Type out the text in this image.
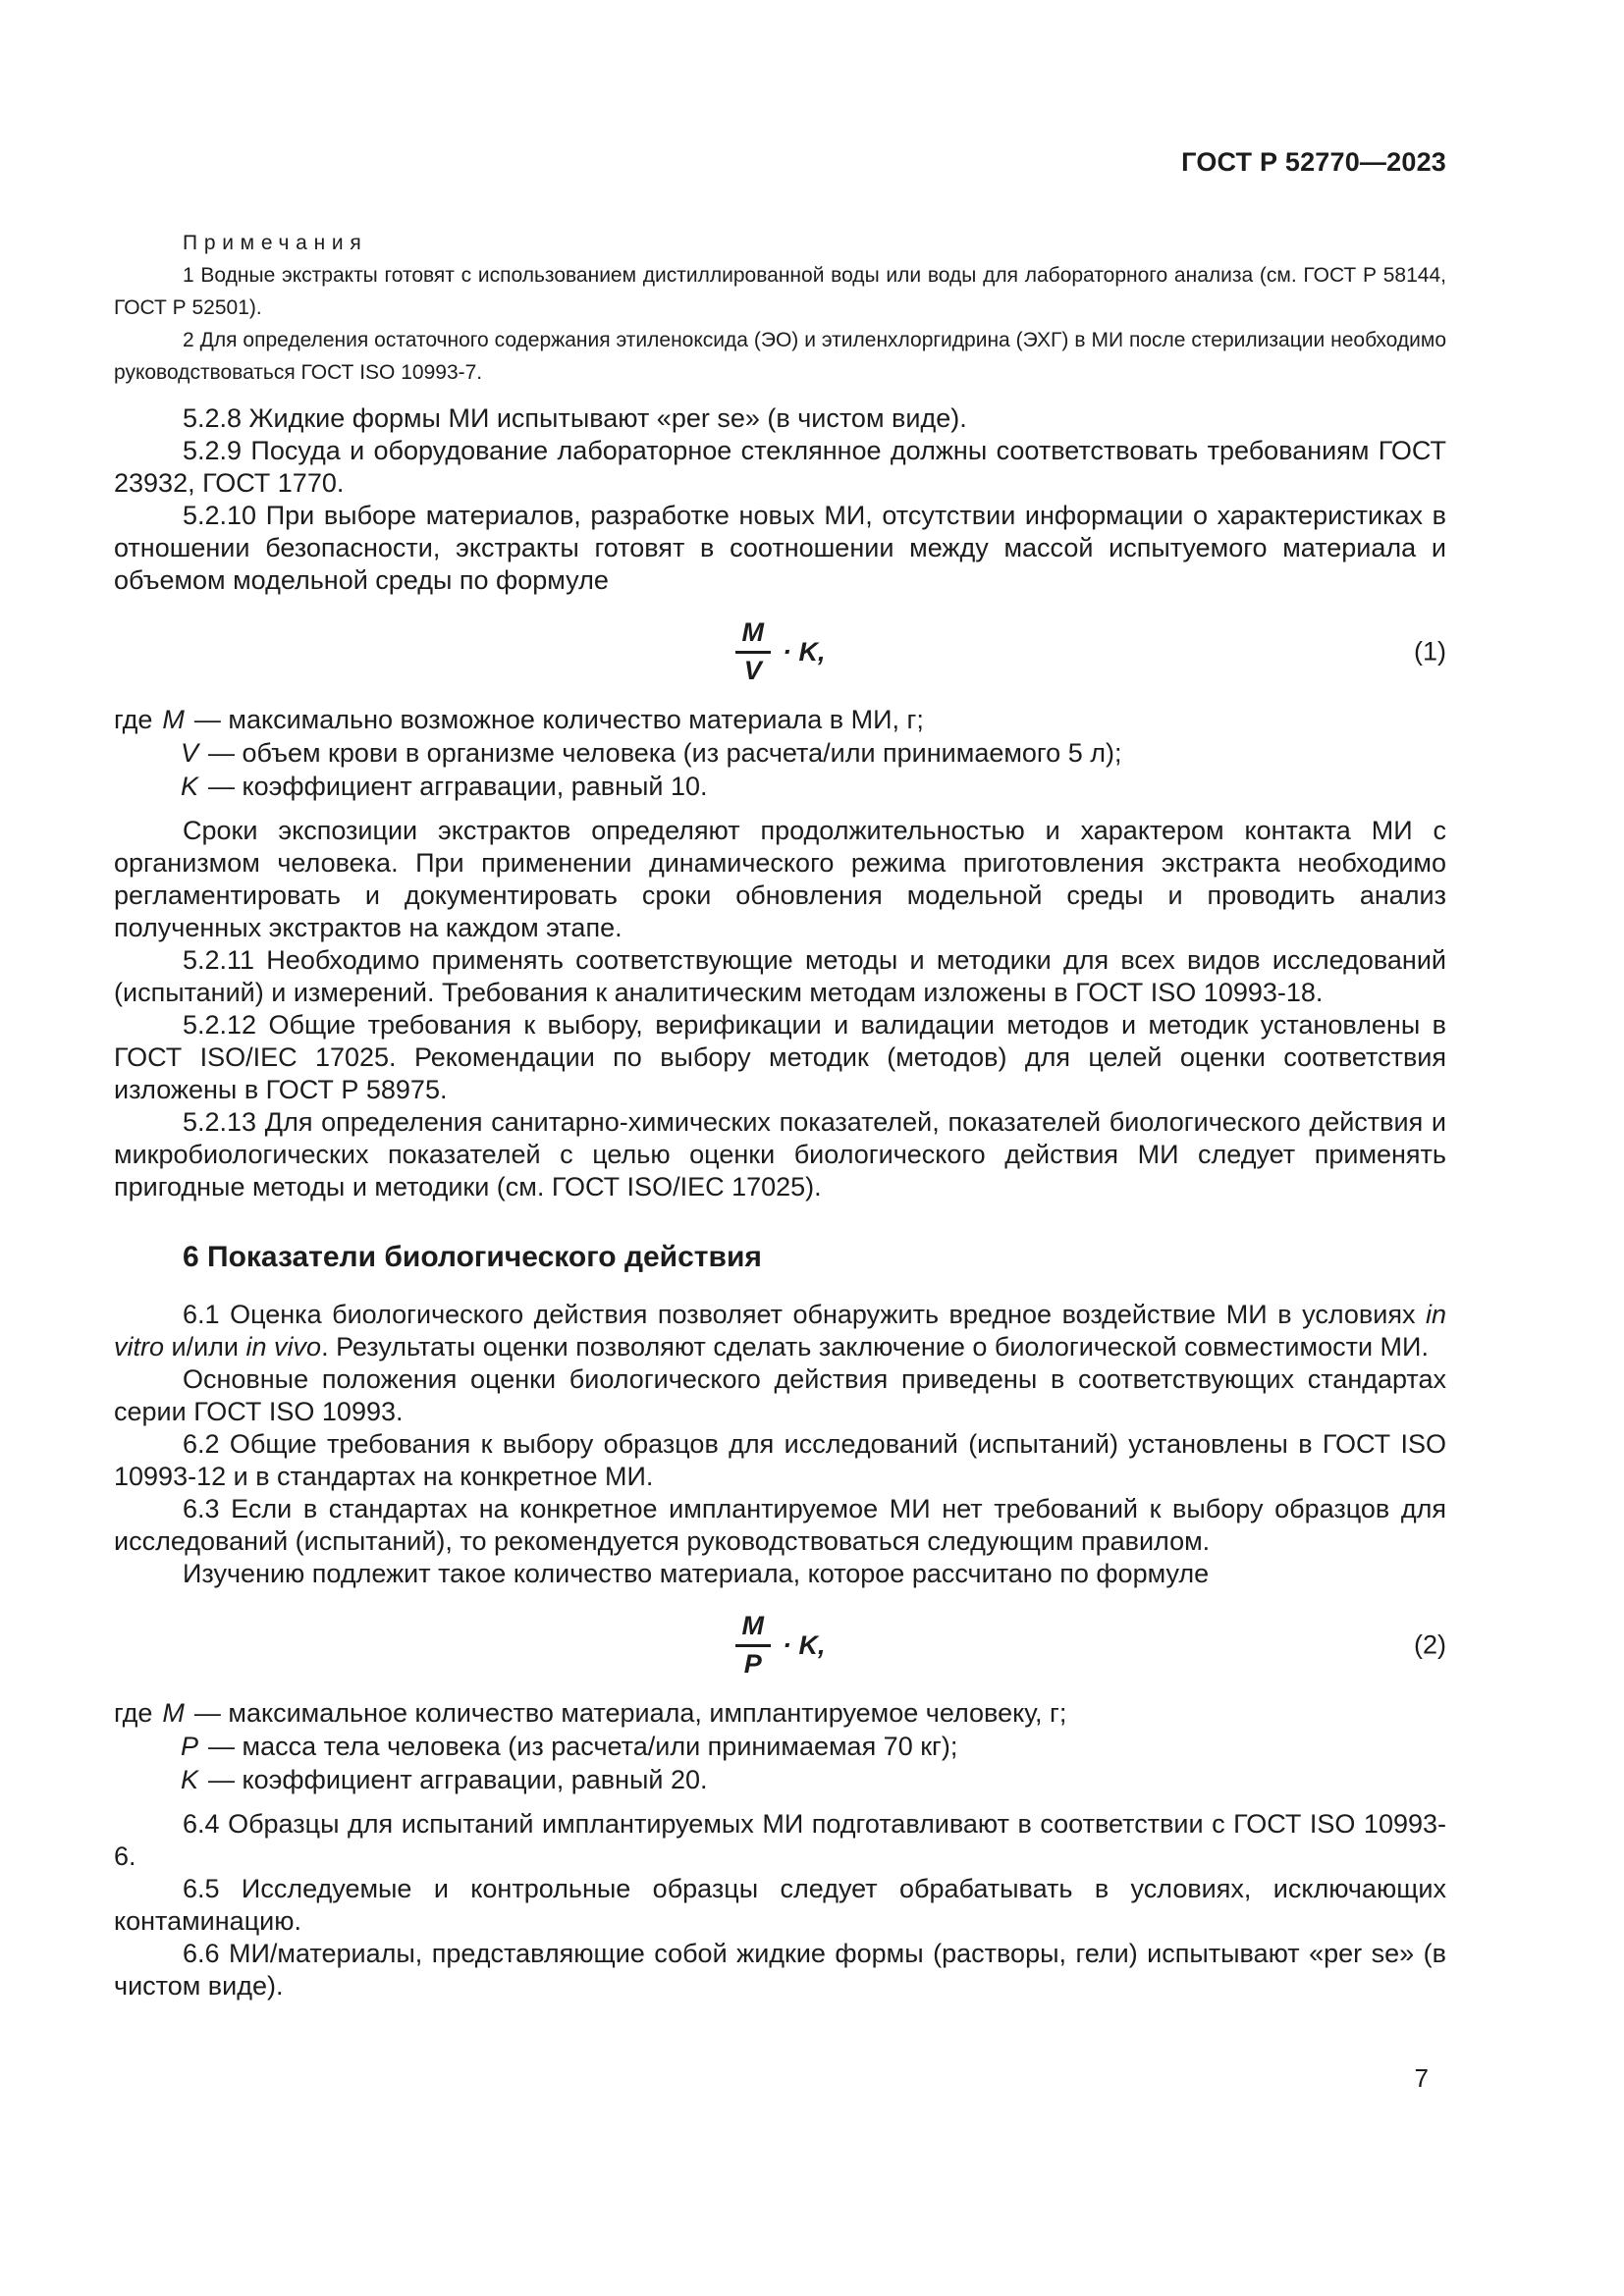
ГОСТ Р 52770—2023
Примечания

1 Водные экстракты готовят с использованием дистиллированной воды или воды для лабораторного анализа (см. ГОСТ Р 58144, ГОСТ Р 52501).

2 Для определения остаточного содержания этиленоксида (ЭО) и этиленхлоргидрина (ЭХГ) в МИ после стерилизации необходимо руководствоваться ГОСТ ISO 10993-7.

5.2.8 Жидкие формы МИ испытывают «per se» (в чистом виде).

5.2.9 Посуда и оборудование лабораторное стеклянное должны соответствовать требованиям ГОСТ 23932, ГОСТ 1770.

5.2.10 При выборе материалов, разработке новых МИ, отсутствии информации о характеристиках в отношении безопасности, экстракты готовят в соотношении между массой испытуемого материала и объемом модельной среды по формуле

$\frac{M}{V} \cdot K$,	(1)
где M — максимально возможное количество материала в МИ, г;
V — объем крови в организме человека (из расчета/или принимаемого 5 л);
K — коэффициент аггравации, равный 10.

Сроки экспозиции экстрактов определяют продолжительностью и характером контакта МИ с организмом человека. При применении динамического режима приготовления экстракта необходимо регламентировать и документировать сроки обновления модельной среды и проводить анализ полученных экстрактов на каждом этапе.

5.2.11 Необходимо применять соответствующие методы и методики для всех видов исследований (испытаний) и измерений. Требования к аналитическим методам изложены в ГОСТ ISO 10993-18.

5.2.12 Общие требования к выбору, верификации и валидации методов и методик установлены в ГОСТ ISO/IEC 17025. Рекомендации по выбору методик (методов) для целей оценки соответствия изложены в ГОСТ Р 58975.

5.2.13 Для определения санитарно-химических показателей, показателей биологического действия и микробиологических показателей с целью оценки биологического действия МИ следует применять пригодные методы и методики (см. ГОСТ ISO/IEC 17025).

6 Показатели биологического действия

6.1 Оценка биологического действия позволяет обнаружить вредное воздействие МИ в условиях in vitro и/или in vivo. Результаты оценки позволяют сделать заключение о биологической совместимости МИ.

Основные положения оценки биологического действия приведены в соответствующих стандартах серии ГОСТ ISO 10993.

6.2 Общие требования к выбору образцов для исследований (испытаний) установлены в ГОСТ ISO 10993-12 и в стандартах на конкретное МИ.

6.3 Если в стандартах на конкретное имплантируемое МИ нет требований к выбору образцов для исследований (испытаний), то рекомендуется руководствоваться следующим правилом.

Изучению подлежит такое количество материала, которое рассчитано по формуле

$\frac{M}{P} \cdot K$,	(2)
где M — максимальное количество материала, имплантируемое человеку, г;
P — масса тела человека (из расчета/или принимаемая 70 кг);
K — коэффициент аггравации, равный 20.

6.4 Образцы для испытаний имплантируемых МИ подготавливают в соответствии с ГОСТ ISO 10993-6.

6.5 Исследуемые и контрольные образцы следует обрабатывать в условиях, исключающих контаминацию.

6.6 МИ/материалы, представляющие собой жидкие формы (растворы, гели) испытывают «per se» (в чистом виде).

7
